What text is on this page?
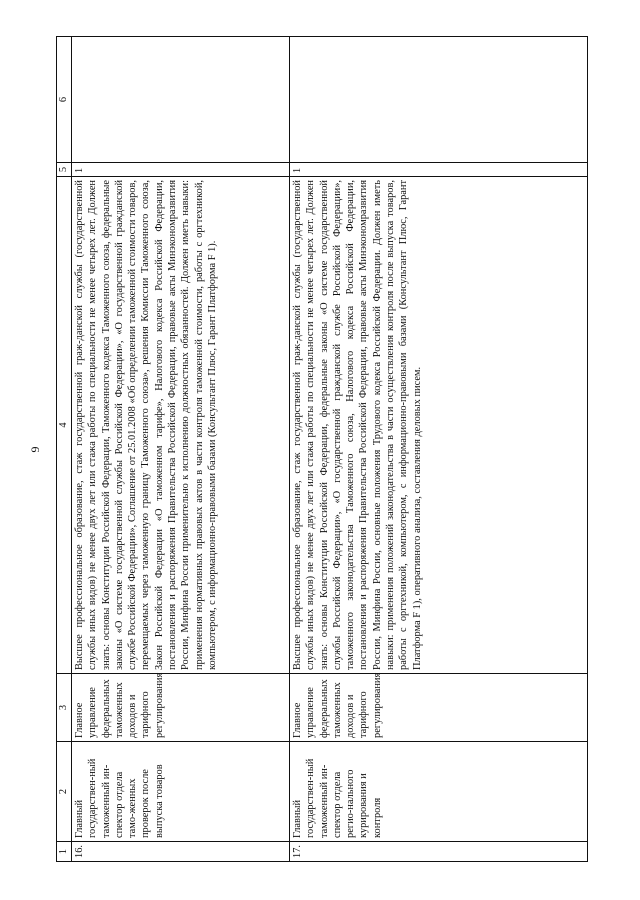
9
1	2	3	4	5	6
16.	Главный государствен-ный таможенный ин-спектор отдела тамо-женных проверок после выпуска товаров	Главное управление федеральных таможенных доходов и тарифного регулирования	Высшее профессиональное образование, стаж государственной граж-данской службы (государственной службы иных видов) не менее двух лет или стажа работы по специальности не менее четырех лет. Должен знать: основы Конституции Российской Федерации, Таможенного кодекса Таможенного союза, федеральные законы «О системе государственной службы Российской Федерации», «О государственной гражданской службе Российской Федерации», Соглашение от 25.01.2008 «Об определении таможенной стоимости товаров, перемещаемых через таможенную границу Таможенного союза», решения Комиссии Таможенного союза, Закон Российской Федерации «О таможенном тарифе», Налогового кодекса Российской Федерации, постановления и распоряжения Правительства Российской Федерации, правовые акты Минэкономразвития России, Минфина России применительно к исполнению должностных обязанностей. Должен иметь навыки: применения нормативных правовых актов в части контроля таможенной стоимости, работы с оргтехникой, компьютером, с информационно-правовыми базами (Консультант Плюс, Гарант Платформа F 1).	1	
17.	Главный государствен-ный таможенный ин-спектор отдела регио-нального курирования и контроля	Главное управление федеральных таможенных доходов и тарифного регулирования	Высшее профессиональное образование, стаж государственной граж-данской службы (государственной службы иных видов) не менее двух лет или стажа работы по специальности не менее четырех лет. Должен знать: основы Конституции Российской Федерации, федеральные законы «О системе государственной службы Российской Федерации», «О государственной гражданской службе Российской Федерации», таможенного законодательства Таможенного союза, Налогового кодекса Российской Федерации, постановления и распоряжения Правительства Российской Федерации, правовые акты Минэкономразвития России, Минфина России, основные положения Трудового кодекса Российской Федерации. Должен иметь навыки: применения положений законодательства в части осуществления контроля после выпуска товаров, работы с оргтехникой, компьютером, с информационно-правовыми базами (Консультант Плюс, Гарант Платформа F 1), оперативного анализа, составления деловых писем.	1	
